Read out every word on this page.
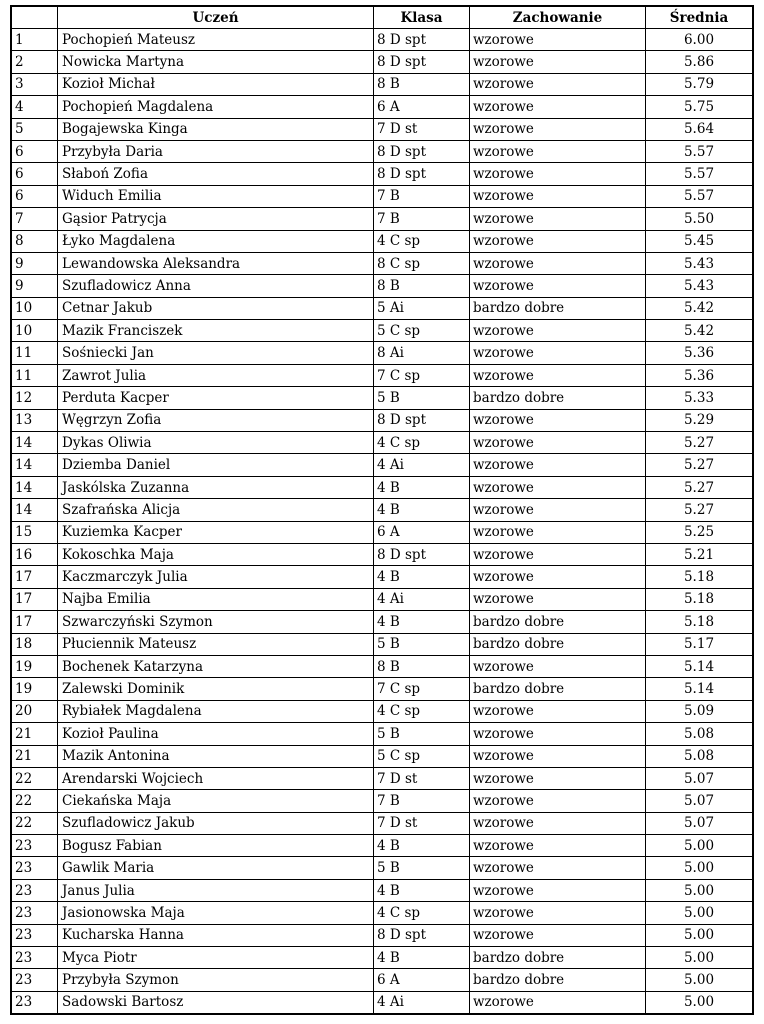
	Uczeń	Klasa	Zachowanie	Średnia
1	Pochopień Mateusz	8 D spt	wzorowe	6.00
2	Nowicka Martyna	8 D spt	wzorowe	5.86
3	Kozioł Michał	8 B	wzorowe	5.79
4	Pochopień Magdalena	6 A	wzorowe	5.75
5	Bogajewska Kinga	7 D st	wzorowe	5.64
6	Przybyła Daria	8 D spt	wzorowe	5.57
6	Słaboń Zofia	8 D spt	wzorowe	5.57
6	Widuch Emilia	7 B	wzorowe	5.57
7	Gąsior Patrycja	7 B	wzorowe	5.50
8	Łyko Magdalena	4 C sp	wzorowe	5.45
9	Lewandowska Aleksandra	8 C sp	wzorowe	5.43
9	Szufladowicz Anna	8 B	wzorowe	5.43
10	Cetnar Jakub	5 Ai	bardzo dobre	5.42
10	Mazik Franciszek	5 C sp	wzorowe	5.42
11	Sośniecki Jan	8 Ai	wzorowe	5.36
11	Zawrot Julia	7 C sp	wzorowe	5.36
12	Perduta Kacper	5 B	bardzo dobre	5.33
13	Węgrzyn Zofia	8 D spt	wzorowe	5.29
14	Dykas Oliwia	4 C sp	wzorowe	5.27
14	Dziemba Daniel	4 Ai	wzorowe	5.27
14	Jaskólska Zuzanna	4 B	wzorowe	5.27
14	Szafrańska Alicja	4 B	wzorowe	5.27
15	Kuziemka Kacper	6 A	wzorowe	5.25
16	Kokoschka Maja	8 D spt	wzorowe	5.21
17	Kaczmarczyk Julia	4 B	wzorowe	5.18
17	Najba Emilia	4 Ai	wzorowe	5.18
17	Szwarczyński Szymon	4 B	bardzo dobre	5.18
18	Płuciennik Mateusz	5 B	bardzo dobre	5.17
19	Bochenek Katarzyna	8 B	wzorowe	5.14
19	Zalewski Dominik	7 C sp	bardzo dobre	5.14
20	Rybiałek Magdalena	4 C sp	wzorowe	5.09
21	Kozioł Paulina	5 B	wzorowe	5.08
21	Mazik Antonina	5 C sp	wzorowe	5.08
22	Arendarski Wojciech	7 D st	wzorowe	5.07
22	Ciekańska Maja	7 B	wzorowe	5.07
22	Szufladowicz Jakub	7 D st	wzorowe	5.07
23	Bogusz Fabian	4 B	wzorowe	5.00
23	Gawlik Maria	5 B	wzorowe	5.00
23	Janus Julia	4 B	wzorowe	5.00
23	Jasionowska Maja	4 C sp	wzorowe	5.00
23	Kucharska Hanna	8 D spt	wzorowe	5.00
23	Myca Piotr	4 B	bardzo dobre	5.00
23	Przybyła Szymon	6 A	bardzo dobre	5.00
23	Sadowski Bartosz	4 Ai	wzorowe	5.00
